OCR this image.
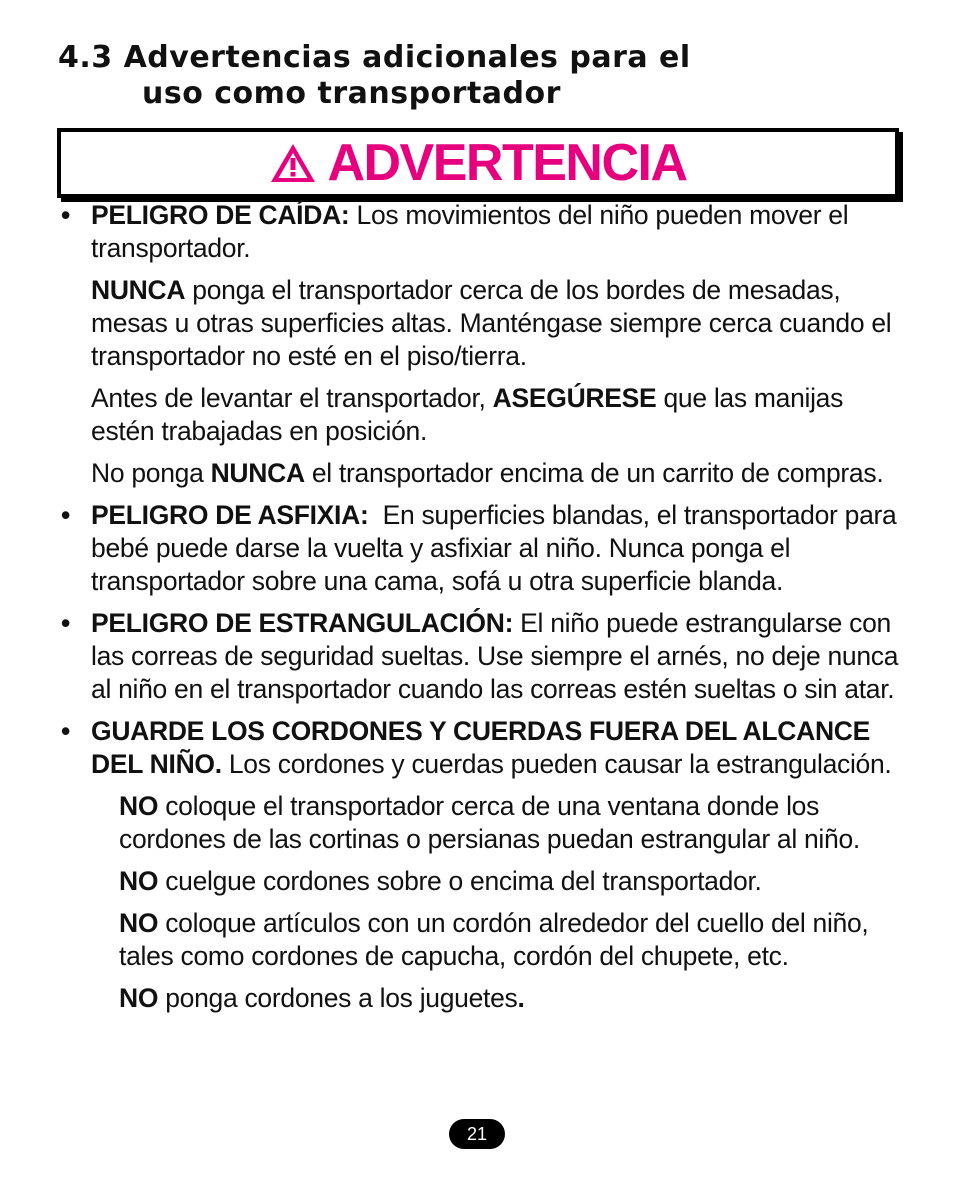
4.3 Advertencias adicionales para el
uso como transportador
ADVERTENCIA
• PELIGRO DE CAÍDA: Los movimientos del niño pueden mover el transportador.
NUNCA ponga el transportador cerca de los bordes de mesadas, mesas u otras superficies altas. Manténgase siempre cerca cuando el transportador no esté en el piso/tierra.
Antes de levantar el transportador, ASEGÚRESE que las manijas estén trabajadas en posición.
No ponga NUNCA el transportador encima de un carrito de compras.
• PELIGRO DE ASFIXIA:  En superficies blandas, el transportador para bebé puede darse la vuelta y asfixiar al niño. Nunca ponga el transportador sobre una cama, sofá u otra superficie blanda.
• PELIGRO DE ESTRANGULACIÓN: El niño puede estrangularse con las correas de seguridad sueltas. Use siempre el arnés, no deje nunca al niño en el transportador cuando las correas estén sueltas o sin atar.
• GUARDE LOS CORDONES Y CUERDAS FUERA DEL ALCANCE DEL NIÑO. Los cordones y cuerdas pueden causar la estrangulación.
NO coloque el transportador cerca de una ventana donde los cordones de las cortinas o persianas puedan estrangular al niño.
NO cuelgue cordones sobre o encima del transportador.
NO coloque artículos con un cordón alrededor del cuello del niño, tales como cordones de capucha, cordón del chupete, etc.
NO ponga cordones a los juguetes.
21
